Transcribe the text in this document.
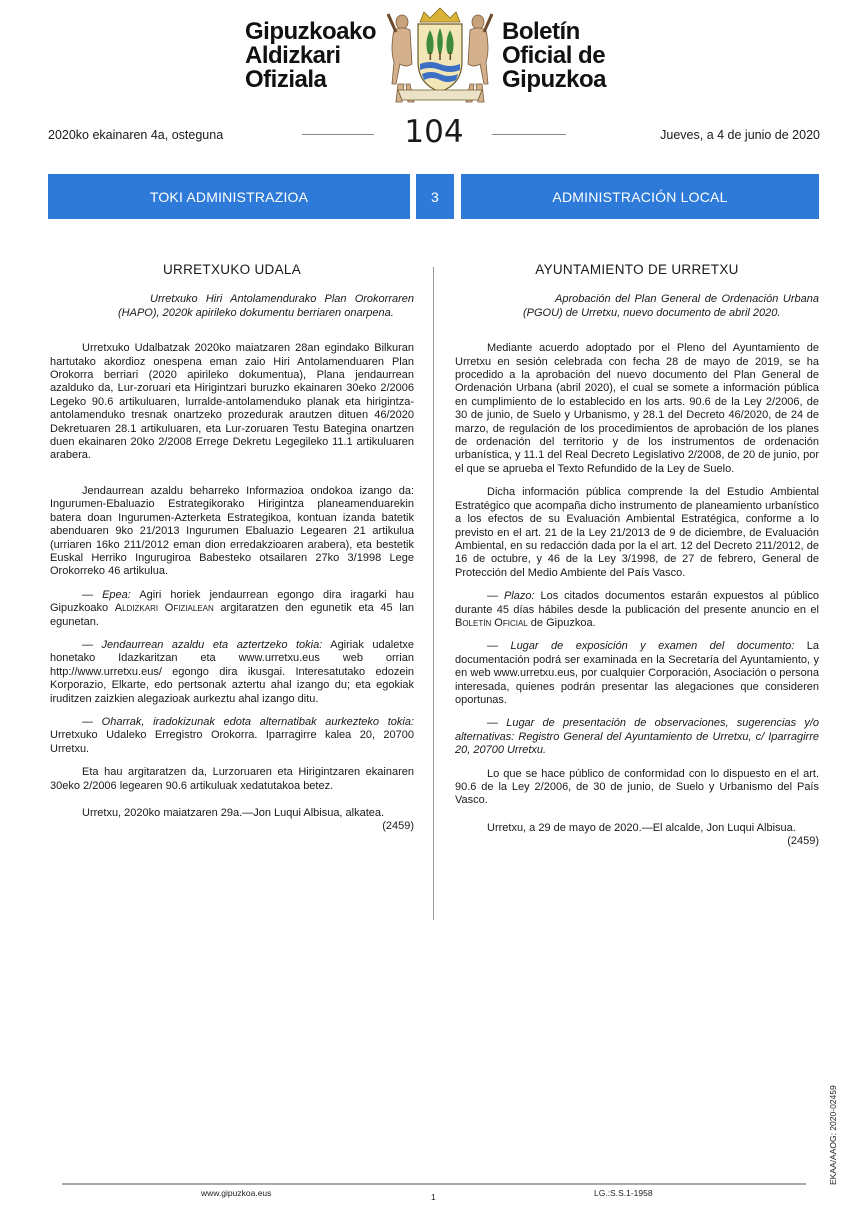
Gipuzkoako
Aldizkari
Ofiziala
Boletín
Oficial de
Gipuzkoa
2020ko ekainaren 4a, osteguna	104	Jueves, a 4 de junio de 2020
TOKI ADMINISTRAZIOA	3	ADMINISTRACIÓN LOCAL
URRETXUKO UDALA

Urretxuko Hiri Antolamendurako Plan Orokorraren (HAPO), 2020k apirileko dokumentu berriaren onarpena.

Urretxuko Udalbatzak 2020ko maiatzaren 28an egindako Bilkuran hartutako akordioz onespena eman zaio Hiri Antolamenduaren Plan Orokorra berriari (2020 apirileko dokumentua), Plana jendaurrean azalduko da, Lur-zoruari eta Hirigintzari buruzko ekainaren 30eko 2/2006 Legeko 90.6 artikuluaren, lurralde-antolamenduko planak eta hirigintza-antolamenduko tresnak onartzeko prozedurak arautzen dituen 46/2020 Dekretuaren 28.1 artikuluaren, eta Lur-zoruaren Testu Bategina onartzen duen ekainaren 20ko 2/2008 Errege Dekretu Legegileko 11.1 artikuluaren arabera.

Jendaurrean azaldu beharreko Informazioa ondokoa izango da: Ingurumen-Ebaluazio Estrategikorako Hirigintza planeamenduarekin batera doan Ingurumen-Azterketa Estrategikoa, kontuan izanda batetik abenduaren 9ko 21/2013 Ingurumen Ebaluazio Legearen 21 artikulua (urriaren 16ko 211/2012 eman dion erredakzioaren arabera), eta bestetik Euskal Herriko Ingurugiroa Babesteko otsailaren 27ko 3/1998 Lege Orokorreko 46 artikulua.

— Epea: Agiri horiek jendaurrean egongo dira iragarki hau Gipuzkoako Aldizkari Ofizialean argitaratzen den egunetik eta 45 lan egunetan.

— Jendaurrean azaldu eta aztertzeko tokia: Agiriak udaletxe honetako Idazkaritzan eta www.urretxu.eus web orrian http://www.urretxu.eus/ egongo dira ikusgai. Interesatutako edozein Korporazio, Elkarte, edo pertsonak aztertu ahal izango du; eta egokiak iruditzen zaizkien alegazioak aurkeztu ahal izango ditu.

— Oharrak, iradokizunak edota alternatibak aurkezteko tokia: Urretxuko Udaleko Erregistro Orokorra. Iparragirre kalea 20, 20700 Urretxu.

Eta hau argitaratzen da, Lurzoruaren eta Hirigintzaren ekainaren 30eko 2/2006 legearen 90.6 artikuluak xedatutakoa betez.

Urretxu, 2020ko maiatzaren 29a.—Jon Luqui Albisua, alkatea.

(2459)

AYUNTAMIENTO DE URRETXU

Aprobación del Plan General de Ordenación Urbana (PGOU) de Urretxu, nuevo documento de abril 2020.

Mediante acuerdo adoptado por el Pleno del Ayuntamiento de Urretxu en sesión celebrada con fecha 28 de mayo de 2019, se ha procedido a la aprobación del nuevo documento del Plan General de Ordenación Urbana (abril 2020), el cual se somete a información pública en cumplimiento de lo establecido en los arts. 90.6 de la Ley 2/2006, de 30 de junio, de Suelo y Urbanismo, y 28.1 del Decreto 46/2020, de 24 de marzo, de regulación de los procedimientos de aprobación de los planes de ordenación del territorio y de los instrumentos de ordenación urbanística, y 11.1 del Real Decreto Legislativo 2/2008, de 20 de junio, por el que se aprueba el Texto Refundido de la Ley de Suelo.

Dicha información pública comprende la del Estudio Ambiental Estratégico que acompaña dicho instrumento de planeamiento urbanístico a los efectos de su Evaluación Ambiental Estratégica, conforme a lo previsto en el art. 21 de la Ley 21/2013 de 9 de diciembre, de Evaluación Ambiental, en su redacción dada por la el art. 12 del Decreto 211/2012, de 16 de octubre, y 46 de la Ley 3/1998, de 27 de febrero, General de Protección del Medio Ambiente del País Vasco.

— Plazo: Los citados documentos estarán expuestos al público durante 45 días hábiles desde la publicación del presente anuncio en el Boletín Oficial de Gipuzkoa.

— Lugar de exposición y examen del documento: La documentación podrá ser examinada en la Secretaría del Ayuntamiento, y en web www.urretxu.eus, por cualquier Corporación, Asociación o persona interesada, quienes podrán presentar las alegaciones que consideren oportunas.

— Lugar de presentación de observaciones, sugerencias y/o alternativas: Registro General del Ayuntamiento de Urretxu, c/ Iparragirre 20, 20700 Urretxu.

Lo que se hace público de conformidad con lo dispuesto en el art. 90.6 de la Ley 2/2006, de 30 de junio, de Suelo y Urbanismo del País Vasco.

Urretxu, a 29 de mayo de 2020.—El alcalde, Jon Luqui Albisua.

(2459)

EKAA/AAOG: 2020-02459
www.gipuzkoa.eus	1	LG.:S.S.1-1958
